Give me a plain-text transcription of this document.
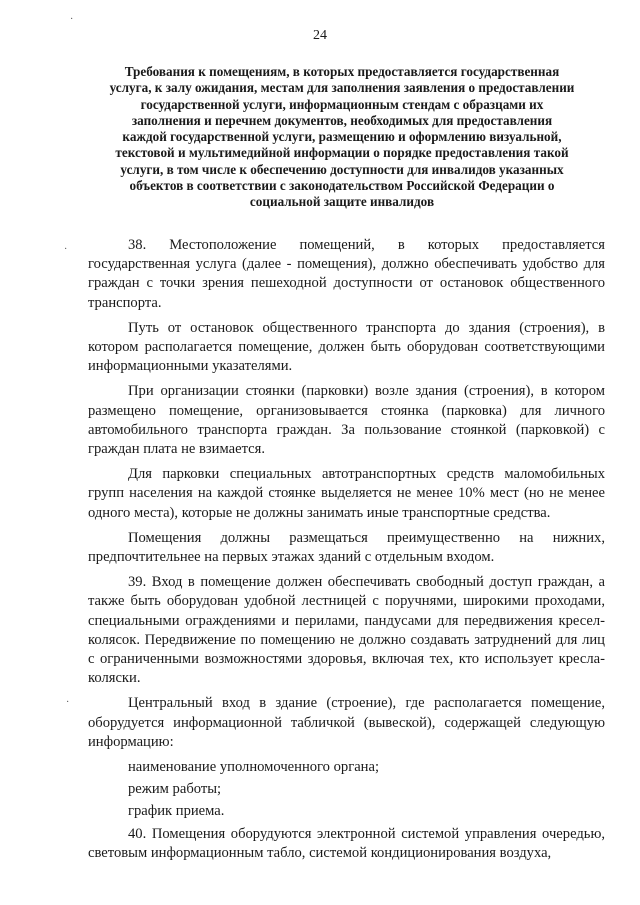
24
·
·
·
Требования к помещениям, в которых предоставляется государственная
услуга, к залу ожидания, местам для заполнения заявления о предоставлении
государственной услуги, информационным стендам с образцами их
заполнения и перечнем документов, необходимых для предоставления
каждой государственной услуги, размещению и оформлению визуальной,
текстовой и мультимедийной информации о порядке предоставления такой
услуги, в том числе к обеспечению доступности для инвалидов указанных
объектов в соответствии с законодательством Российской Федерации о
социальной защите инвалидов

38. Местоположение помещений, в которых предоставляется государственная услуга (далее - помещения), должно обеспечивать удобство для граждан с точки зрения пешеходной доступности от остановок общественного транспорта.

Путь от остановок общественного транспорта до здания (строения), в котором располагается помещение, должен быть оборудован соответствующими информационными указателями.

При организации стоянки (парковки) возле здания (строения), в котором размещено помещение, организовывается стоянка (парковка) для личного автомобильного транспорта граждан. За пользование стоянкой (парковкой) с граждан плата не взимается.

Для парковки специальных автотранспортных средств маломобильных групп населения на каждой стоянке выделяется не менее 10% мест (но не менее одного места), которые не должны занимать иные транспортные средства.

Помещения должны размещаться преимущественно на нижних, предпочтительнее на первых этажах зданий с отдельным входом.

39. Вход в помещение должен обеспечивать свободный доступ граждан, а также быть оборудован удобной лестницей с поручнями, широкими проходами, специальными ограждениями и перилами, пандусами для передвижения кресел-колясок. Передвижение по помещению не должно создавать затруднений для лиц с ограниченными возможностями здоровья, включая тех, кто использует кресла-коляски.

Центральный вход в здание (строение), где располагается помещение, оборудуется информационной табличкой (вывеской), содержащей следующую информацию:

наименование уполномоченного органа;

режим работы;

график приема.

40. Помещения оборудуются электронной системой управления очередью, световым информационным табло, системой кондиционирования воздуха,
